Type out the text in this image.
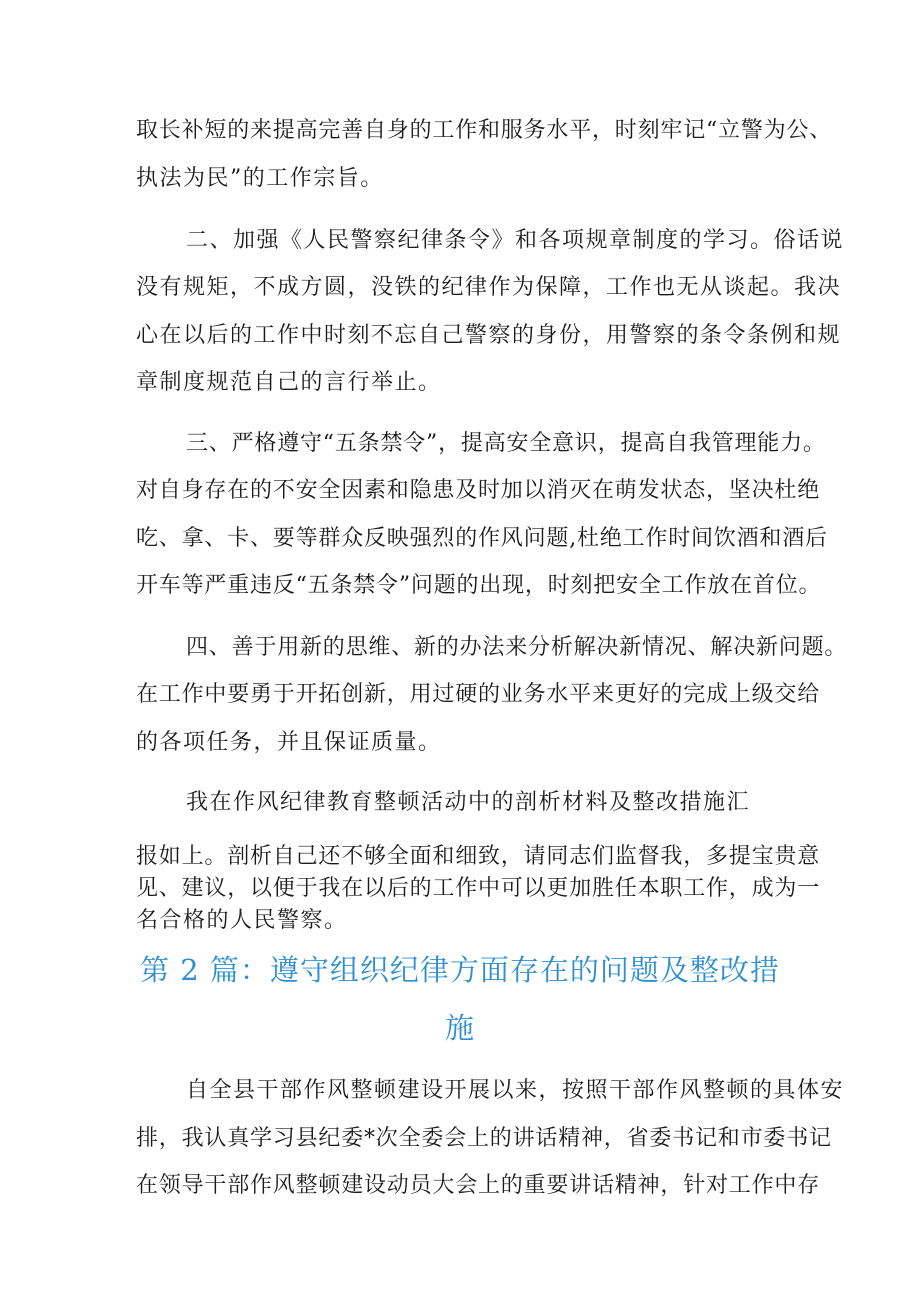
取长补短的来提高完善自身的工作和服务水平，时刻牢记“立警为公、
执法为民”的工作宗旨。
二、加强《人民警察纪律条令》和各项规章制度的学习。俗话说
没有规矩，不成方圆，没铁的纪律作为保障，工作也无从谈起。我决
心在以后的工作中时刻不忘自己警察的身份，用警察的条令条例和规
章制度规范自己的言行举止。
三、严格遵守“五条禁令”，提高安全意识，提高自我管理能力。
对自身存在的不安全因素和隐患及时加以消灭在萌发状态，坚决杜绝
吃、拿、卡、要等群众反映强烈的作风问题,杜绝工作时间饮酒和酒后
开车等严重违反“五条禁令”问题的出现，时刻把安全工作放在首位。
四、善于用新的思维、新的办法来分析解决新情况、解决新问题。
在工作中要勇于开拓创新，用过硬的业务水平来更好的完成上级交给
的各项任务，并且保证质量。
我在作风纪律教育整顿活动中的剖析材料及整改措施汇
报如上。剖析自己还不够全面和细致，请同志们监督我，多提宝贵意
见、建议，以便于我在以后的工作中可以更加胜任本职工作，成为一
名合格的人民警察。
第 2 篇：遵守组织纪律方面存在的问题及整改措
施
自全县干部作风整顿建设开展以来，按照干部作风整顿的具体安
排，我认真学习县纪委*次全委会上的讲话精神，省委书记和市委书记
在领导干部作风整顿建设动员大会上的重要讲话精神，针对工作中存
